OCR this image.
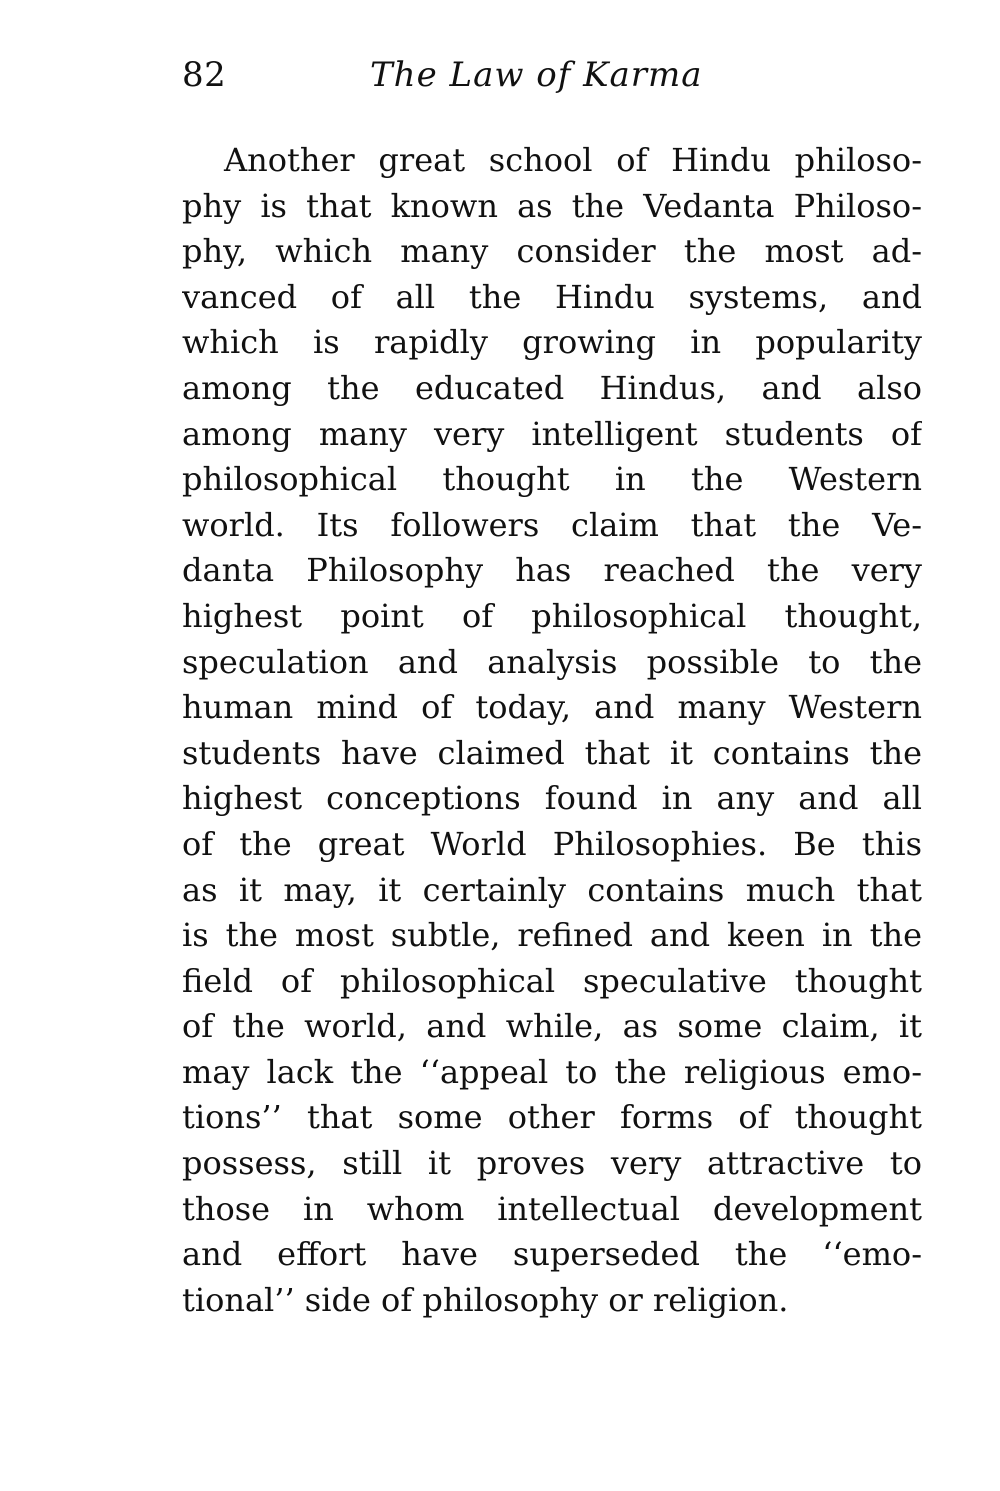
82	The Law of Karma
Another great school of Hindu philoso-
phy is that known as the Vedanta Philoso-
phy, which many consider the most ad-
vanced of all the Hindu systems, and
which is rapidly growing in popularity
among the educated Hindus, and also
among many very intelligent students of
philosophical thought in the Western
world. Its followers claim that the Ve-
danta Philosophy has reached the very
highest point of philosophical thought,
speculation and analysis possible to the
human mind of today, and many Western
students have claimed that it contains the
highest conceptions found in any and all
of the great World Philosophies. Be this
as it may, it certainly contains much that
is the most subtle, refined and keen in the
field of philosophical speculative thought
of the world, and while, as some claim, it
may lack the ‘‘appeal to the religious emo-
tions’’ that some other forms of thought
possess, still it proves very attractive to
those in whom intellectual development
and effort have superseded the ‘‘emo-
tional’’ side of philosophy or religion.
